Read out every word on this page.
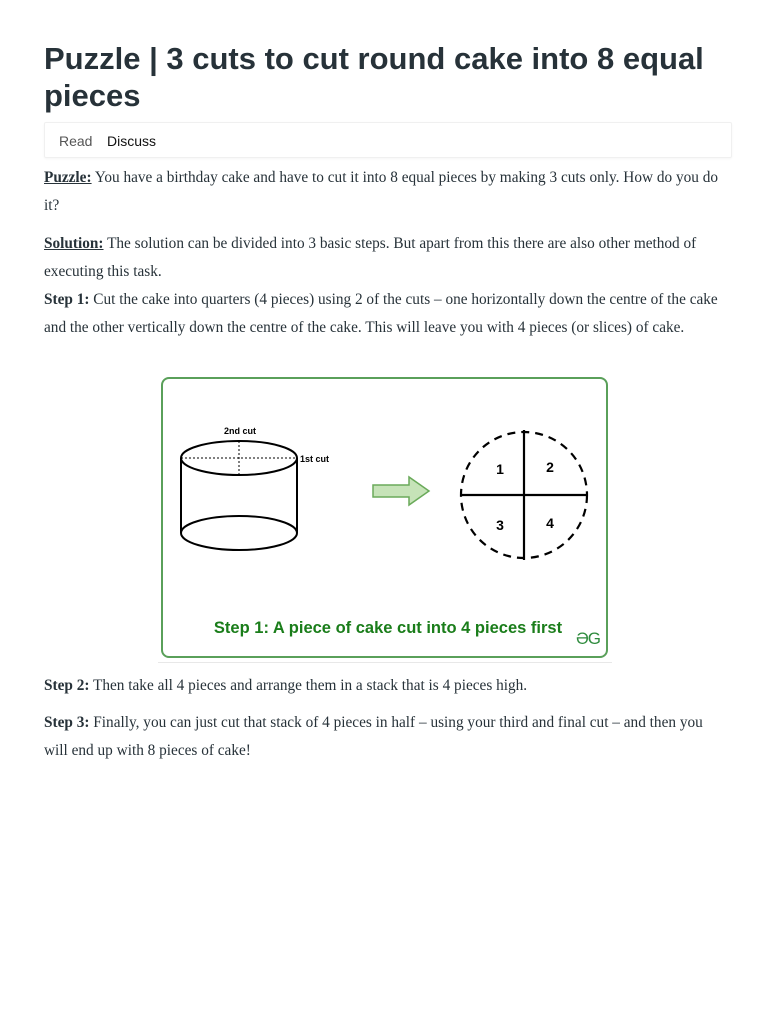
Puzzle | 3 cuts to cut round cake into 8 equal pieces
Read Discuss

Puzzle: You have a birthday cake and have to cut it into 8 equal pieces by making 3 cuts only. How do you do it?

Solution: The solution can be divided into 3 basic steps. But apart from this there are also other method of executing this task.

Step 1: Cut the cake into quarters (4 pieces) using 2 of the cuts – one horizontally down the centre of the cake and the other vertically down the centre of the cake. This will leave you with 4 pieces (or slices) of cake.

2nd cut
1st cut
1	2
3	4
Step 1: A piece of cake cut into 4 pieces first
ƏG

Step 2: Then take all 4 pieces and arrange them in a stack that is 4 pieces high.

Step 3: Finally, you can just cut that stack of 4 pieces in half – using your third and final cut – and then you will end up with 8 pieces of cake!
